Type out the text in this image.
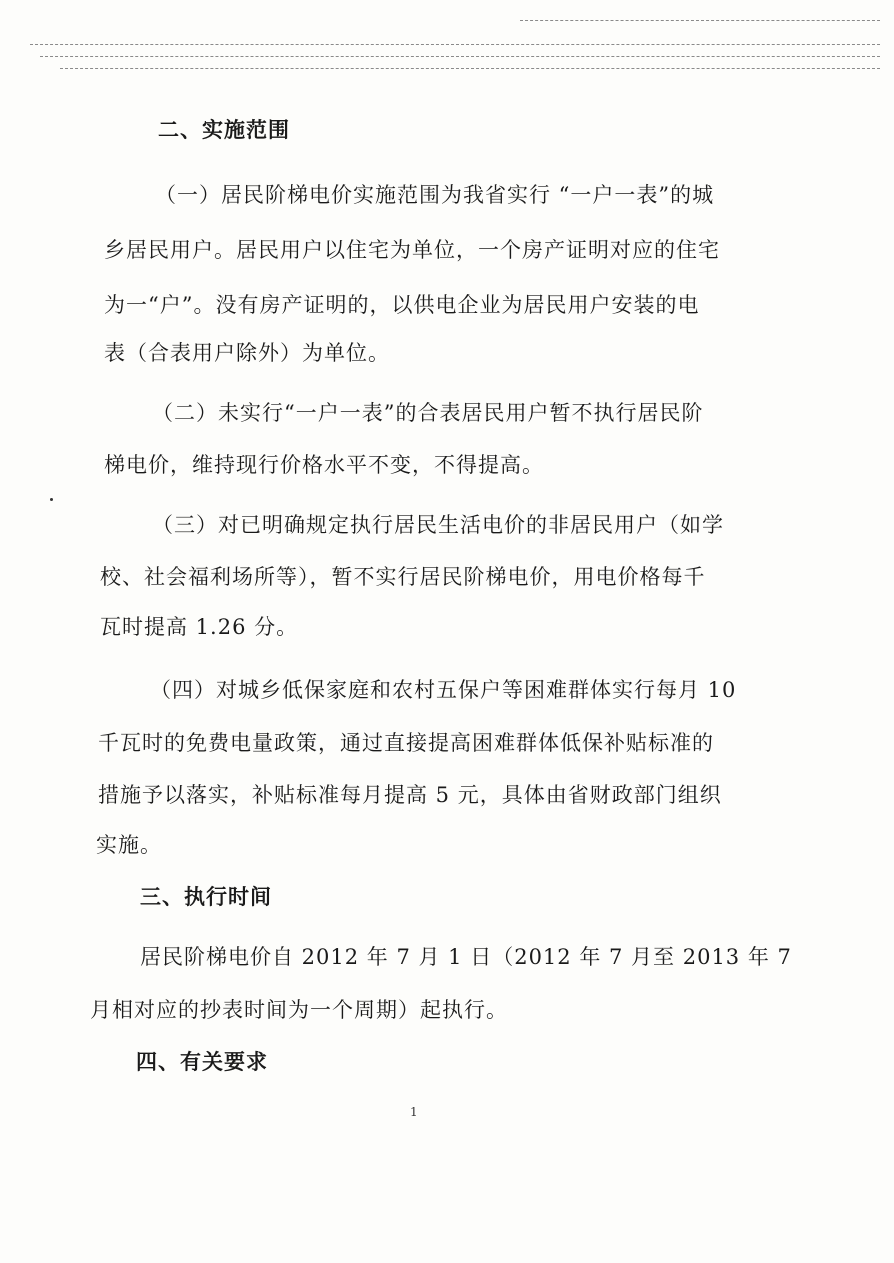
二、实施范围
（一）居民阶梯电价实施范围为我省实行 “一户一表”的城
乡居民用户。居民用户以住宅为单位，一个房产证明对应的住宅
为一“户”。没有房产证明的，以供电企业为居民用户安装的电
表（合表用户除外）为单位。
（二）未实行“一户一表”的合表居民用户暂不执行居民阶
梯电价，维持现行价格水平不变，不得提高。
（三）对已明确规定执行居民生活电价的非居民用户（如学
校、社会福利场所等），暂不实行居民阶梯电价，用电价格每千
瓦时提高 1.26 分。
（四）对城乡低保家庭和农村五保户等困难群体实行每月 10
千瓦时的免费电量政策，通过直接提高困难群体低保补贴标准的
措施予以落实，补贴标准每月提高 5 元，具体由省财政部门组织
实施。
三、执行时间
居民阶梯电价自 2012 年 7 月 1 日（2012 年 7 月至 2013 年 7
月相对应的抄表时间为一个周期）起执行。
四、有关要求
1
